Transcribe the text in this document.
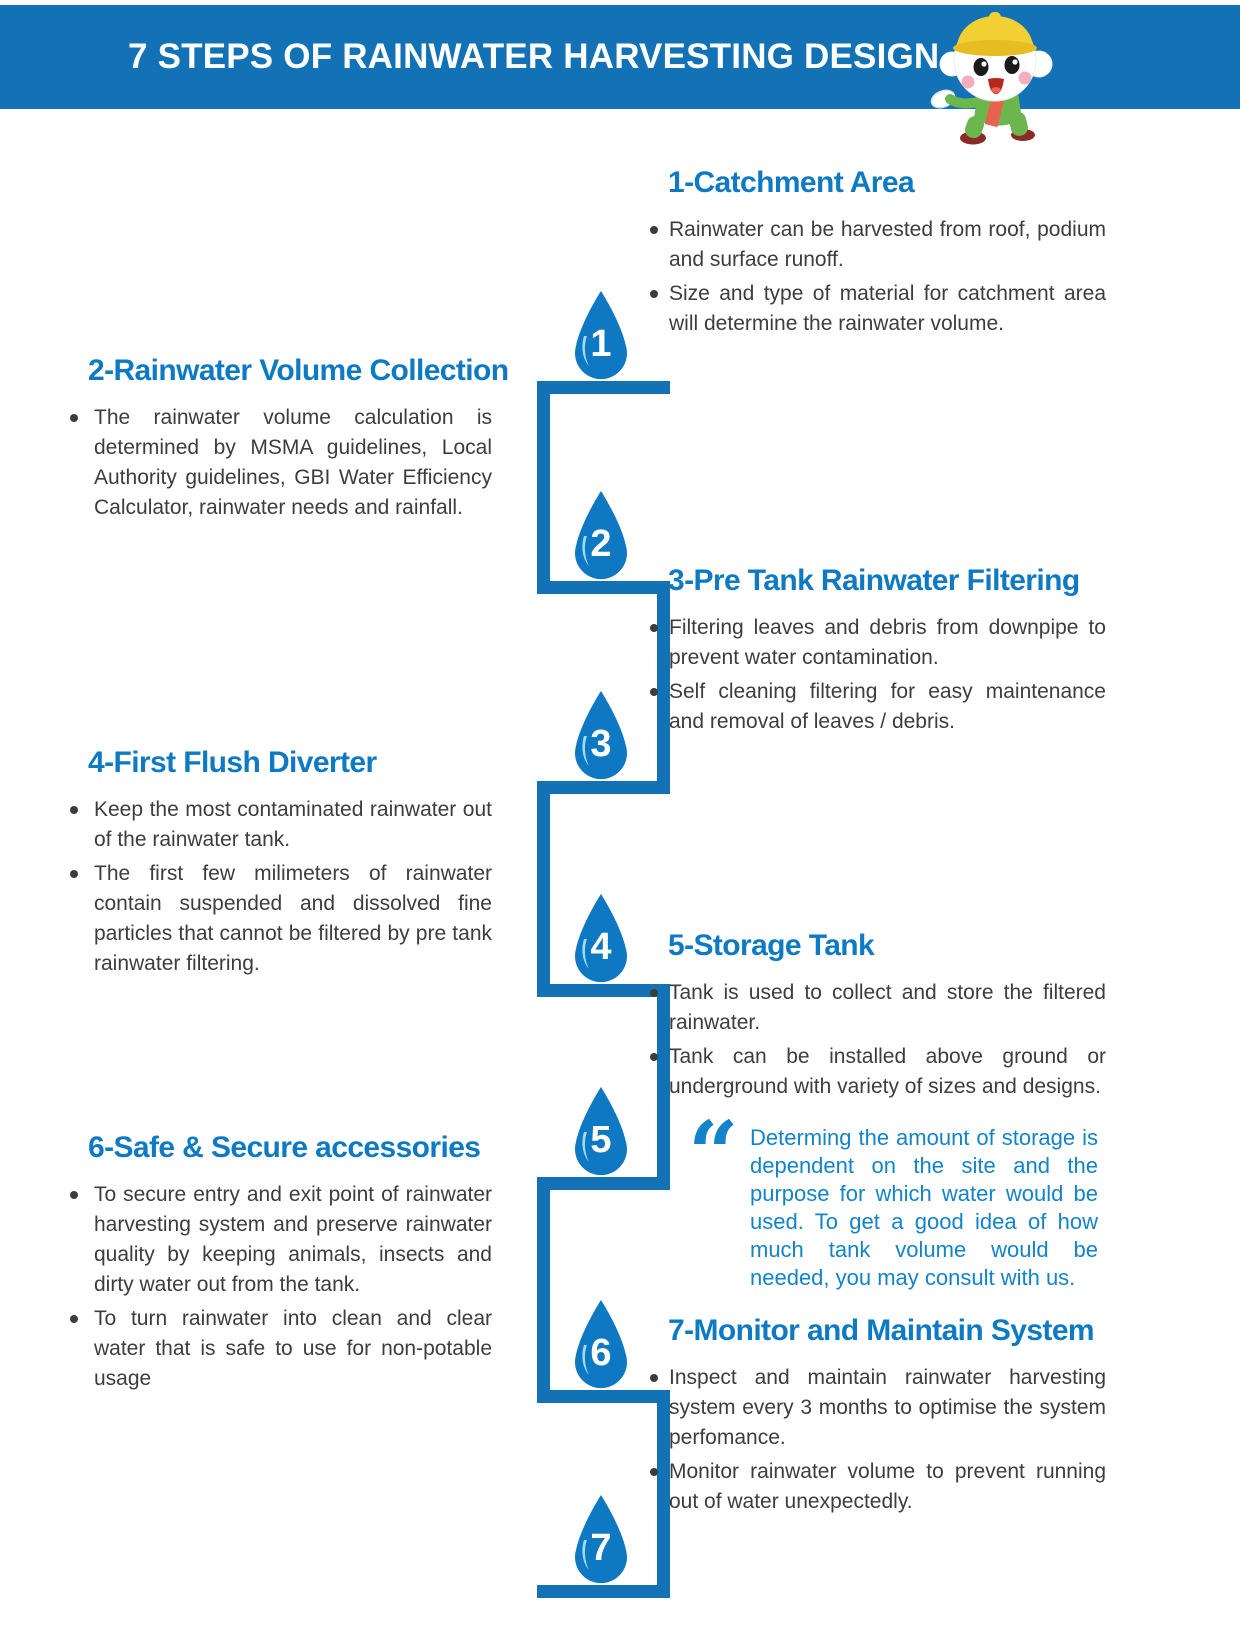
7 STEPS OF RAINWATER HARVESTING DESIGN
1
2
3
4
5
6
7
1-Catchment Area

Rainwater can be harvested from roof, podium and surface runoff.

Size and type of material for catchment area will determine the rainwater volume.

2-Rainwater Volume Collection

The rainwater volume calculation is determined by MSMA guidelines, Local Authority guidelines, GBI Water Efficiency Calculator, rainwater needs and rainfall.

3-Pre Tank Rainwater Filtering

Filtering leaves and debris from downpipe to prevent water contamination.

Self cleaning filtering for easy maintenance and removal of leaves / debris.

4-First Flush Diverter

Keep the most contaminated rainwater out of the rainwater tank.

The first few milimeters of rainwater contain suspended and dissolved fine particles that cannot be filtered by pre tank rainwater filtering.

5-Storage Tank

Tank is used to collect and store the filtered rainwater.

Tank can be installed above ground or underground with variety of sizes and designs.

“ Determing the amount of storage is dependent on the site and the purpose for which water would be used. To get a good idea of how much tank volume would be needed, you may consult with us.

6-Safe & Secure accessories

To secure entry and exit point of rainwater harvesting system and preserve rainwater quality by keeping animals, insects and dirty water out from the tank.

To turn rainwater into clean and clear water that is safe to use for non-potable usage

7-Monitor and Maintain System

Inspect and maintain rainwater harvesting system every 3 months to optimise the system perfomance.

Monitor rainwater volume to prevent running out of water unexpectedly.
